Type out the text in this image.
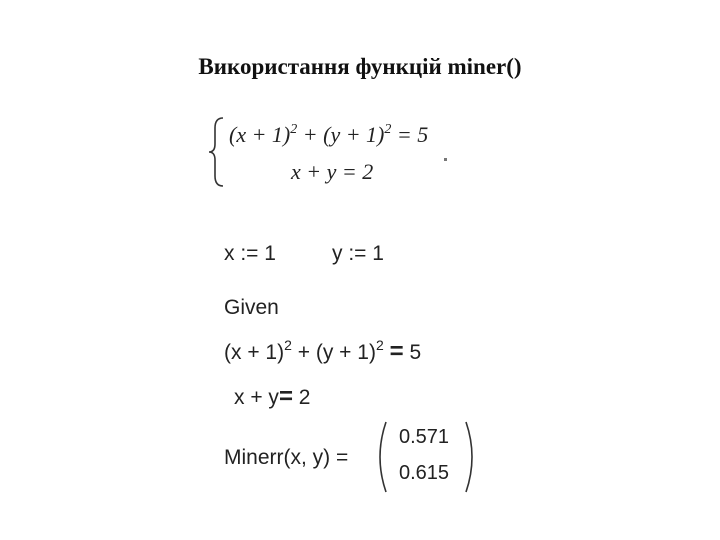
Використання функцій miner()
$(x + 1)^2 + (y + 1)^2 = 5$
x + y = 2
x := 1	y := 1
Given
$(x + 1)^2 + (y + 1)^2 = 5$
x + y= 2
Minerr(x, y) =
0.571
0.615
